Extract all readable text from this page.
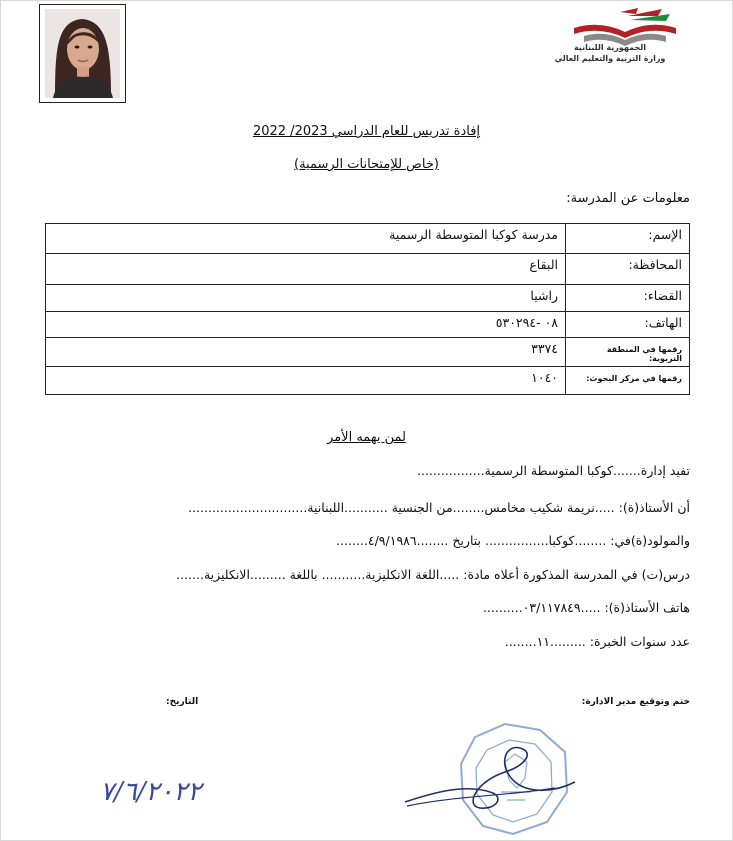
الجمهورية اللبنانية
وزارة التربية والتعليم العالي
إفادة تدريس للعام الدراسي 2023/ 2022
(خاص للإمتحانات الرسمية)
معلومات عن المدرسة:
الإسم:	مدرسة كوكبا المتوسطة الرسمية
المحافظة:	البقاع
القضاء:	راشيا
الهاتف:	٠٨ -٥٣٠٢٩٤
رقمها في المنطقة التربوية:	٣٣٧٤
رقمها في مركز البحوث:	١٠٤٠
لمن يهمه الأمر
تفيد إدارة.......كوكبا المتوسطة الرسمية.................
أن الأستاذ(ة): .....نريمة شكيب مخامس........من الجنسية ...........اللبنانية..............................
والمولود(ة)في: ........كوكبا................ بتاريخ ........٤/٩/١٩٨٦........
درس(ت) في المدرسة المذكورة أعلاه مادة: .....اللغة الانكليزية........... باللغة .........الانكليزية.......
هاتف الأستاذ(ة): .....٠٣/١١٧٨٤٩..........
عدد سنوات الخبرة: .........١١........
ختم وتوقيع مدير الادارة:
التاريخ:
٧/٦/٢٠٢٢
